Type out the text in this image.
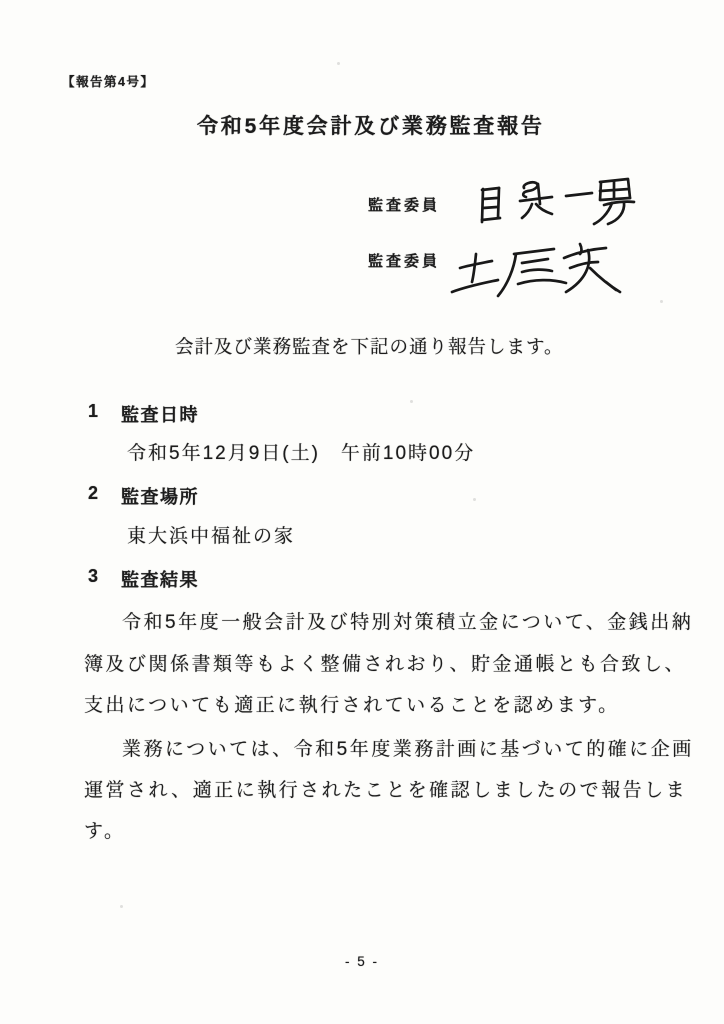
【報告第4号】
令和5年度会計及び業務監査報告
監査委員
監査委員
会計及び業務監査を下記の通り報告します。
1 監査日時
令和5年12月9日(土)　午前10時00分
2 監査場所
東大浜中福祉の家
3 監査結果
令和5年度一般会計及び特別対策積立金について、金銭出納
簿及び関係書類等もよく整備されおり、貯金通帳とも合致し、
支出についても適正に執行されていることを認めます。
業務については、令和5年度業務計画に基づいて的確に企画
運営され、適正に執行されたことを確認しましたので報告しま
す。
- 5 -
